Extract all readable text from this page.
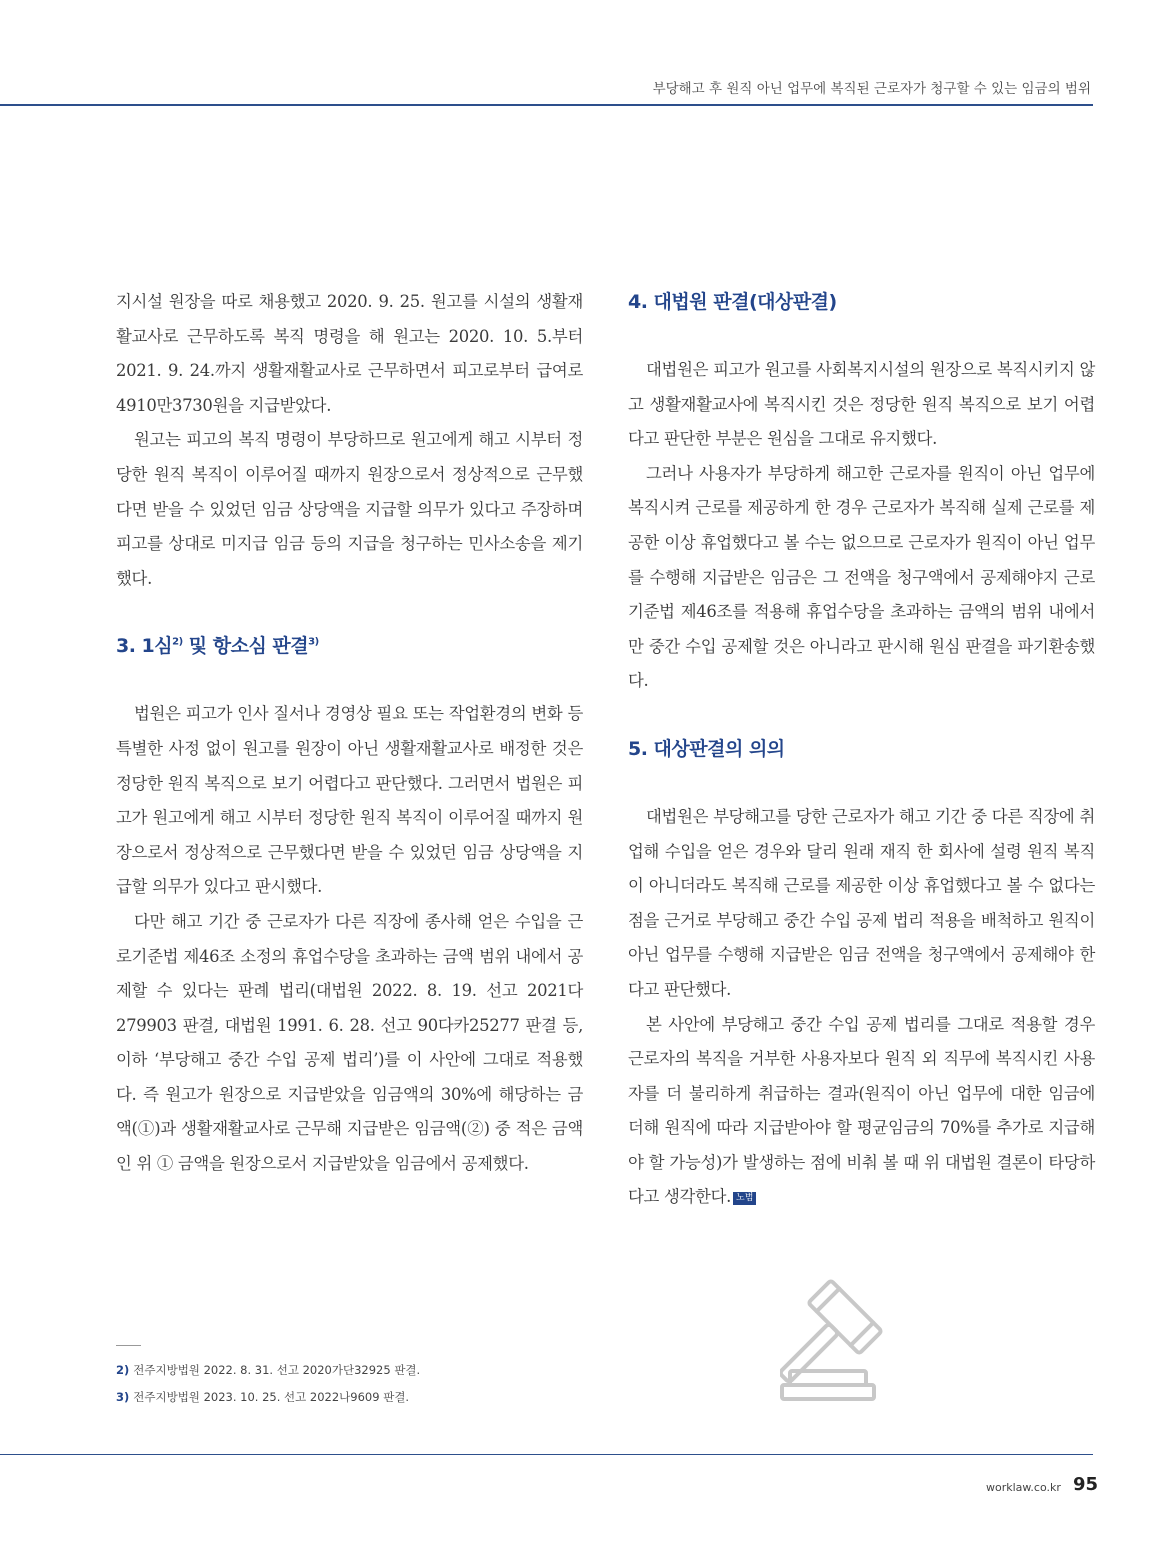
부당해고 후 원직 아닌 업무에 복직된 근로자가 청구할 수 있는 임금의 범위

지시설 원장을 따로 채용했고 2020. 9. 25. 원고를 시설의 생활재활교사로 근무하도록 복직 명령을 해 원고는 2020. 10. 5.부터 2021. 9. 24.까지 생활재활교사로 근무하면서 피고로부터 급여로 4910만3730원을 지급받았다.

원고는 피고의 복직 명령이 부당하므로 원고에게 해고 시부터 정당한 원직 복직이 이루어질 때까지 원장으로서 정상적으로 근무했다면 받을 수 있었던 임금 상당액을 지급할 의무가 있다고 주장하며 피고를 상대로 미지급 임금 등의 지급을 청구하는 민사소송을 제기했다.

3. 1심$^{2)}$ 및 항소심 판결$^{3)}$

법원은 피고가 인사 질서나 경영상 필요 또는 작업환경의 변화 등 특별한 사정 없이 원고를 원장이 아닌 생활재활교사로 배정한 것은 정당한 원직 복직으로 보기 어렵다고 판단했다. 그러면서 법원은 피고가 원고에게 해고 시부터 정당한 원직 복직이 이루어질 때까지 원장으로서 정상적으로 근무했다면 받을 수 있었던 임금 상당액을 지급할 의무가 있다고 판시했다.

다만 해고 기간 중 근로자가 다른 직장에 종사해 얻은 수입을 근로기준법 제46조 소정의 휴업수당을 초과하는 금액 범위 내에서 공제할 수 있다는 판례 법리(대법원 2022. 8. 19. 선고 2021다279903 판결, 대법원 1991. 6. 28. 선고 90다카25277 판결 등, 이하 ‘부당해고 중간 수입 공제 법리’)를 이 사안에 그대로 적용했다. 즉 원고가 원장으로 지급받았을 임금액의 30%에 해당하는 금액(①)과 생활재활교사로 근무해 지급받은 임금액(②) 중 적은 금액인 위 ① 금액을 원장으로서 지급받았을 임금에서 공제했다.

4. 대법원 판결(대상판결)

대법원은 피고가 원고를 사회복지시설의 원장으로 복직시키지 않고 생활재활교사에 복직시킨 것은 정당한 원직 복직으로 보기 어렵다고 판단한 부분은 원심을 그대로 유지했다.

그러나 사용자가 부당하게 해고한 근로자를 원직이 아닌 업무에 복직시켜 근로를 제공하게 한 경우 근로자가 복직해 실제 근로를 제공한 이상 휴업했다고 볼 수는 없으므로 근로자가 원직이 아닌 업무를 수행해 지급받은 임금은 그 전액을 청구액에서 공제해야지 근로기준법 제46조를 적용해 휴업수당을 초과하는 금액의 범위 내에서만 중간 수입 공제할 것은 아니라고 판시해 원심 판결을 파기환송했다.

5. 대상판결의 의의

대법원은 부당해고를 당한 근로자가 해고 기간 중 다른 직장에 취업해 수입을 얻은 경우와 달리 원래 재직 한 회사에 설령 원직 복직이 아니더라도 복직해 근로를 제공한 이상 휴업했다고 볼 수 없다는 점을 근거로 부당해고 중간 수입 공제 법리 적용을 배척하고 원직이 아닌 업무를 수행해 지급받은 임금 전액을 청구액에서 공제해야 한다고 판단했다.

본 사안에 부당해고 중간 수입 공제 법리를 그대로 적용할 경우 근로자의 복직을 거부한 사용자보다 원직 외 직무에 복직시킨 사용자를 더 불리하게 취급하는 결과(원직이 아닌 업무에 대한 임금에 더해 원직에 따라 지급받아야 할 평균임금의 70%를 추가로 지급해야 할 가능성)가 발생하는 점에 비춰 볼 때 위 대법원 결론이 타당하다고 생각한다. 노범

2) 전주지방법원 2022. 8. 31. 선고 2020가단32925 판결.
3) 전주지방법원 2023. 10. 25. 선고 2022나9609 판결.
worklaw.co.kr 95
